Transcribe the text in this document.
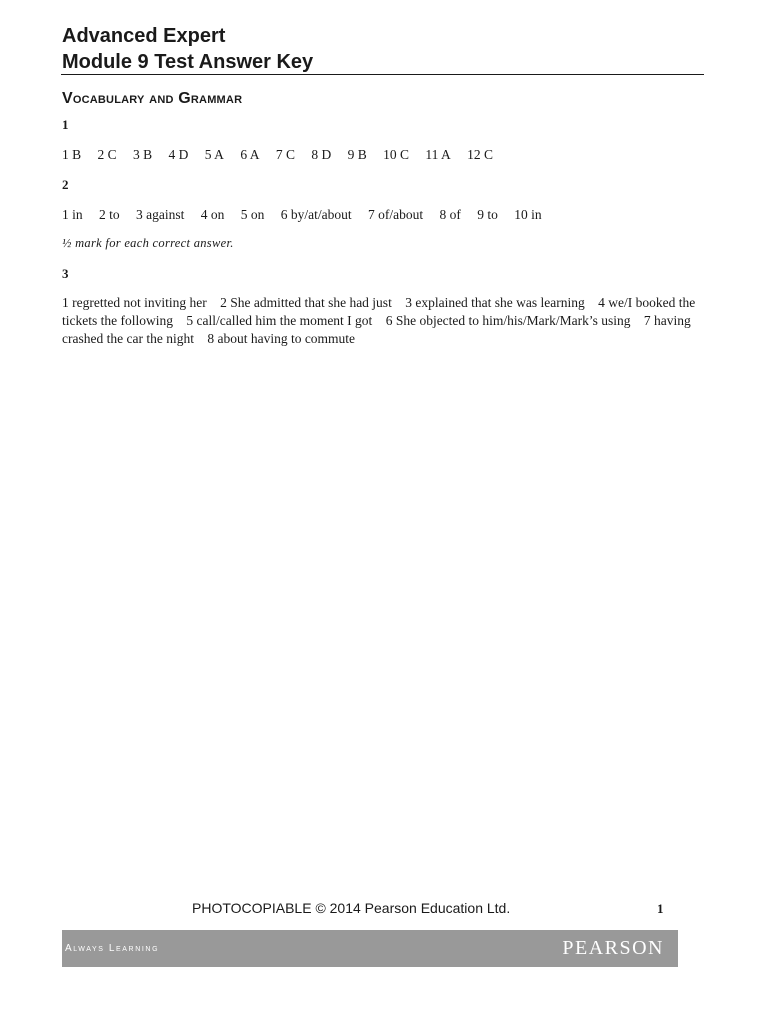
Advanced Expert
Module 9 Test Answer Key
Vocabulary and Grammar
1
1 B 2 C 3 B 4 D 5 A 6 A 7 C 8 D 9 B 10 C 11 A 12 C
2
1 in 2 to 3 against 4 on 5 on 6 by/at/about 7 of/about 8 of 9 to 10 in
½ mark for each correct answer.
3
1 regretted not inviting her 2 She admitted that she had just 3 explained that she was learning 4 we/I booked the tickets the following 5 call/called him the moment I got 6 She objected to him/his/Mark/Mark’s using 7 having crashed the car the night 8 about having to commute
PHOTOCOPIABLE © 2014 Pearson Education Ltd.	1
Always Learning	PEARSON
